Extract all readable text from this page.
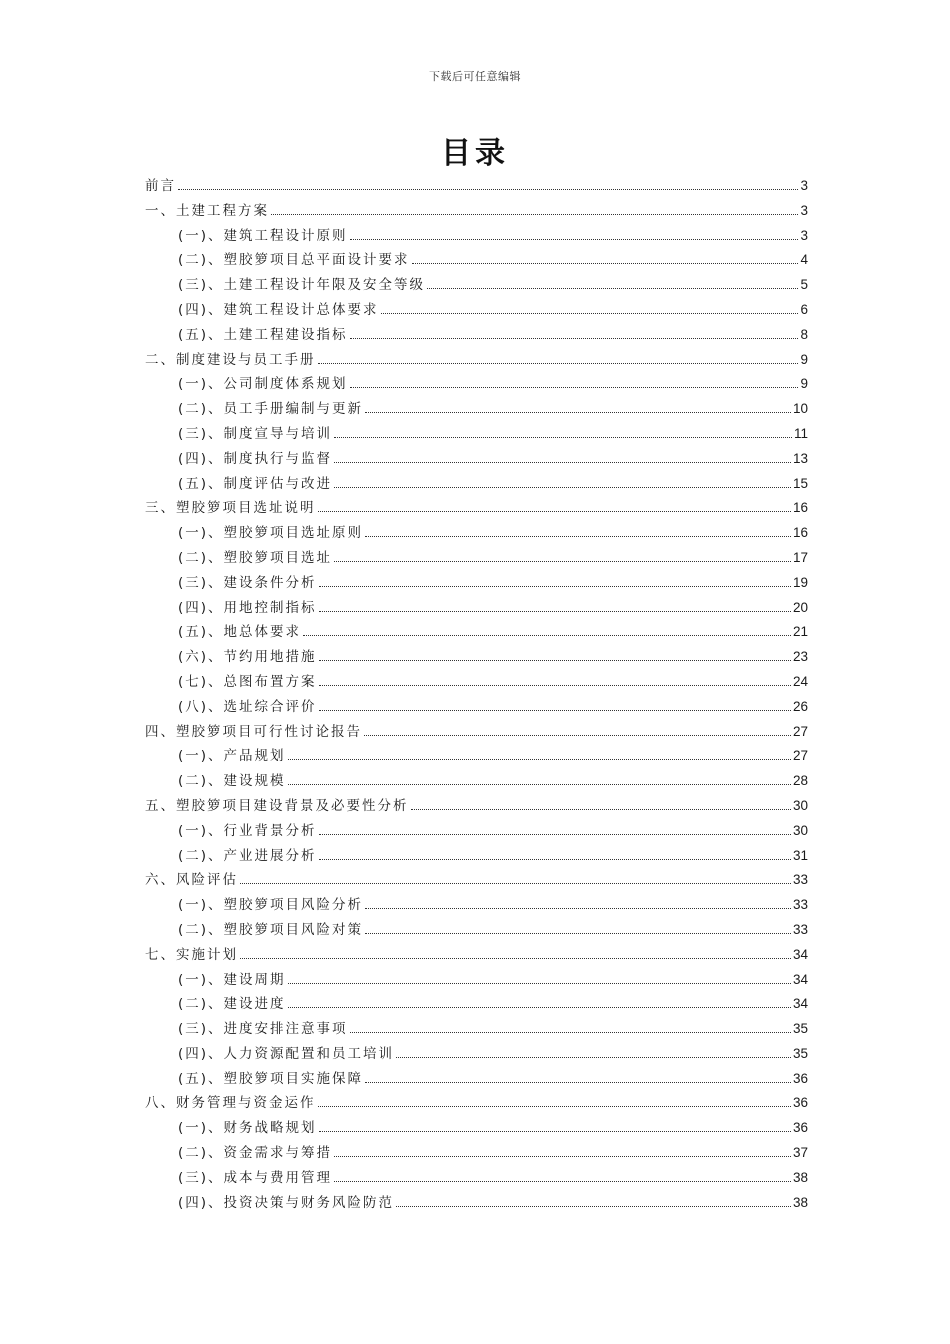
下载后可任意编辑
目录
前言	3
一、土建工程方案	3
(一)、建筑工程设计原则	3
(二)、塑胶箩项目总平面设计要求	4
(三)、土建工程设计年限及安全等级	5
(四)、建筑工程设计总体要求	6
(五)、土建工程建设指标	8
二、制度建设与员工手册	9
(一)、公司制度体系规划	9
(二)、员工手册编制与更新	10
(三)、制度宣导与培训	11
(四)、制度执行与监督	13
(五)、制度评估与改进	15
三、塑胶箩项目选址说明	16
(一)、塑胶箩项目选址原则	16
(二)、塑胶箩项目选址	17
(三)、建设条件分析	19
(四)、用地控制指标	20
(五)、地总体要求	21
(六)、节约用地措施	23
(七)、总图布置方案	24
(八)、选址综合评价	26
四、塑胶箩项目可行性讨论报告	27
(一)、产品规划	27
(二)、建设规模	28
五、塑胶箩项目建设背景及必要性分析	30
(一)、行业背景分析	30
(二)、产业进展分析	31
六、风险评估	33
(一)、塑胶箩项目风险分析	33
(二)、塑胶箩项目风险对策	33
七、实施计划	34
(一)、建设周期	34
(二)、建设进度	34
(三)、进度安排注意事项	35
(四)、人力资源配置和员工培训	35
(五)、塑胶箩项目实施保障	36
八、财务管理与资金运作	36
(一)、财务战略规划	36
(二)、资金需求与筹措	37
(三)、成本与费用管理	38
(四)、投资决策与财务风险防范	38
